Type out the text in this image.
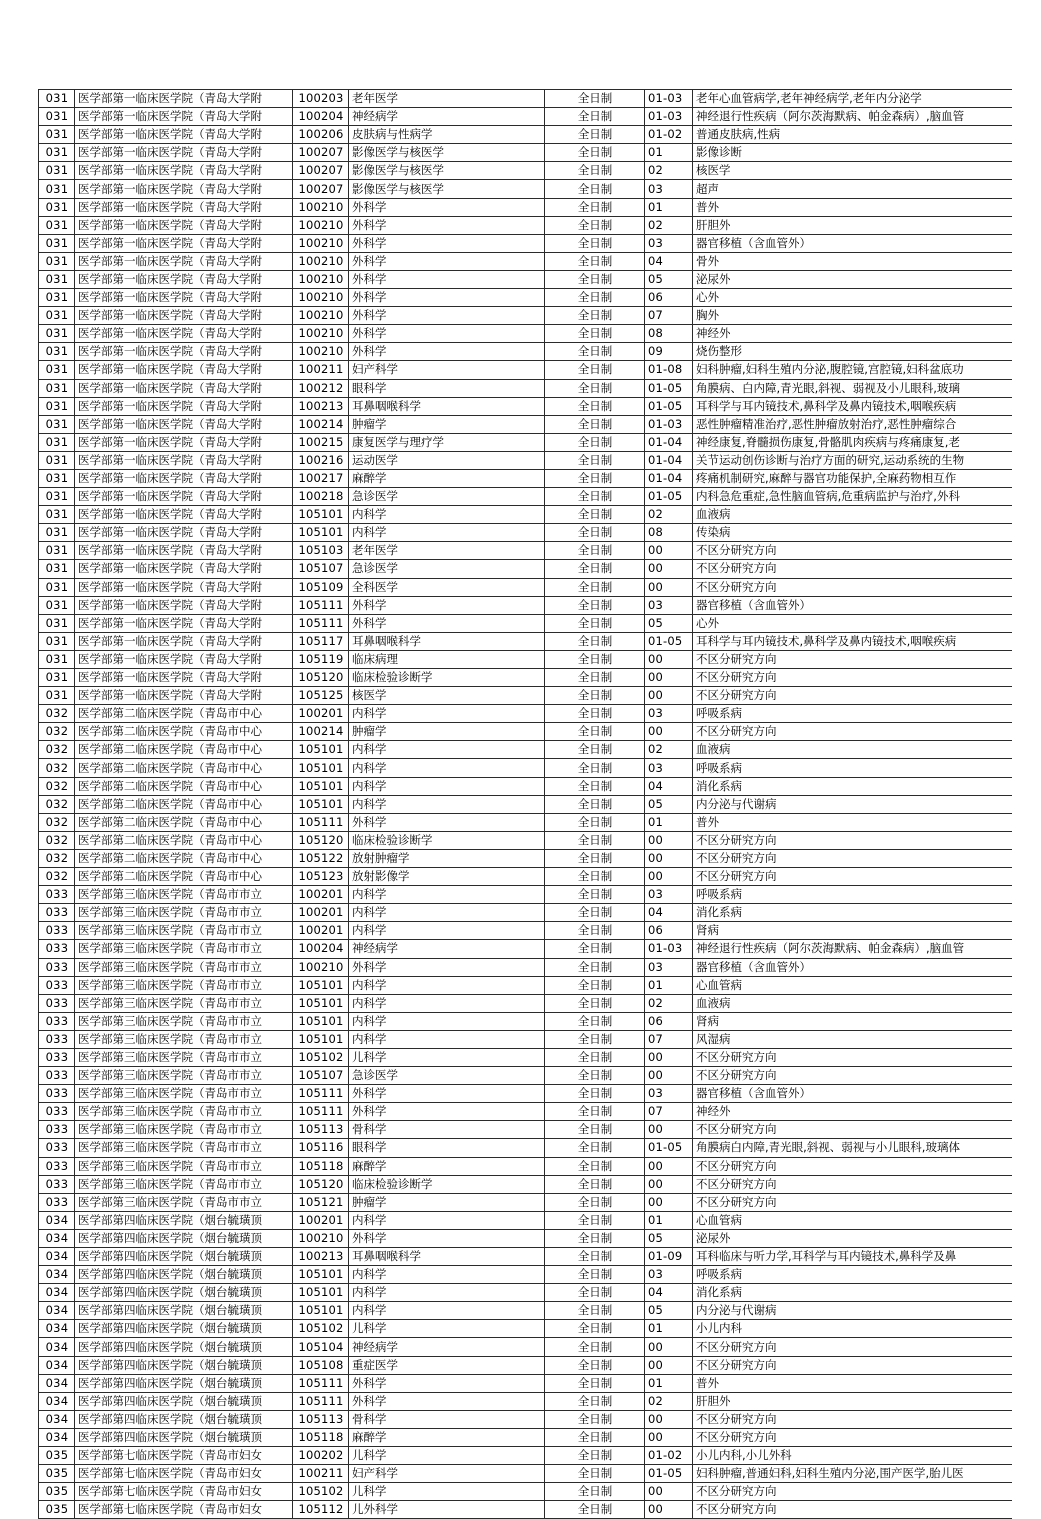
031	医学部第一临床医学院（青岛大学附	100203	老年医学	全日制	01-03	老年心血管病学,老年神经病学,老年内分泌学
031	医学部第一临床医学院（青岛大学附	100204	神经病学	全日制	01-03	神经退行性疾病（阿尔茨海默病、帕金森病）,脑血管
031	医学部第一临床医学院（青岛大学附	100206	皮肤病与性病学	全日制	01-02	普通皮肤病,性病
031	医学部第一临床医学院（青岛大学附	100207	影像医学与核医学	全日制	01	影像诊断
031	医学部第一临床医学院（青岛大学附	100207	影像医学与核医学	全日制	02	核医学
031	医学部第一临床医学院（青岛大学附	100207	影像医学与核医学	全日制	03	超声
031	医学部第一临床医学院（青岛大学附	100210	外科学	全日制	01	普外
031	医学部第一临床医学院（青岛大学附	100210	外科学	全日制	02	肝胆外
031	医学部第一临床医学院（青岛大学附	100210	外科学	全日制	03	器官移植（含血管外）
031	医学部第一临床医学院（青岛大学附	100210	外科学	全日制	04	骨外
031	医学部第一临床医学院（青岛大学附	100210	外科学	全日制	05	泌尿外
031	医学部第一临床医学院（青岛大学附	100210	外科学	全日制	06	心外
031	医学部第一临床医学院（青岛大学附	100210	外科学	全日制	07	胸外
031	医学部第一临床医学院（青岛大学附	100210	外科学	全日制	08	神经外
031	医学部第一临床医学院（青岛大学附	100210	外科学	全日制	09	烧伤整形
031	医学部第一临床医学院（青岛大学附	100211	妇产科学	全日制	01-08	妇科肿瘤,妇科生殖内分泌,腹腔镜,宫腔镜,妇科盆底功
031	医学部第一临床医学院（青岛大学附	100212	眼科学	全日制	01-05	角膜病、白内障,青光眼,斜视、弱视及小儿眼科,玻璃
031	医学部第一临床医学院（青岛大学附	100213	耳鼻咽喉科学	全日制	01-05	耳科学与耳内镜技术,鼻科学及鼻内镜技术,咽喉疾病
031	医学部第一临床医学院（青岛大学附	100214	肿瘤学	全日制	01-03	恶性肿瘤精准治疗,恶性肿瘤放射治疗,恶性肿瘤综合
031	医学部第一临床医学院（青岛大学附	100215	康复医学与理疗学	全日制	01-04	神经康复,脊髓损伤康复,骨骼肌肉疾病与疼痛康复,老
031	医学部第一临床医学院（青岛大学附	100216	运动医学	全日制	01-04	关节运动创伤诊断与治疗方面的研究,运动系统的生物
031	医学部第一临床医学院（青岛大学附	100217	麻醉学	全日制	01-04	疼痛机制研究,麻醉与器官功能保护,全麻药物相互作
031	医学部第一临床医学院（青岛大学附	100218	急诊医学	全日制	01-05	内科急危重症,急性脑血管病,危重病监护与治疗,外科
031	医学部第一临床医学院（青岛大学附	105101	内科学	全日制	02	血液病
031	医学部第一临床医学院（青岛大学附	105101	内科学	全日制	08	传染病
031	医学部第一临床医学院（青岛大学附	105103	老年医学	全日制	00	不区分研究方向
031	医学部第一临床医学院（青岛大学附	105107	急诊医学	全日制	00	不区分研究方向
031	医学部第一临床医学院（青岛大学附	105109	全科医学	全日制	00	不区分研究方向
031	医学部第一临床医学院（青岛大学附	105111	外科学	全日制	03	器官移植（含血管外）
031	医学部第一临床医学院（青岛大学附	105111	外科学	全日制	05	心外
031	医学部第一临床医学院（青岛大学附	105117	耳鼻咽喉科学	全日制	01-05	耳科学与耳内镜技术,鼻科学及鼻内镜技术,咽喉疾病
031	医学部第一临床医学院（青岛大学附	105119	临床病理	全日制	00	不区分研究方向
031	医学部第一临床医学院（青岛大学附	105120	临床检验诊断学	全日制	00	不区分研究方向
031	医学部第一临床医学院（青岛大学附	105125	核医学	全日制	00	不区分研究方向
032	医学部第二临床医学院（青岛市中心	100201	内科学	全日制	03	呼吸系病
032	医学部第二临床医学院（青岛市中心	100214	肿瘤学	全日制	00	不区分研究方向
032	医学部第二临床医学院（青岛市中心	105101	内科学	全日制	02	血液病
032	医学部第二临床医学院（青岛市中心	105101	内科学	全日制	03	呼吸系病
032	医学部第二临床医学院（青岛市中心	105101	内科学	全日制	04	消化系病
032	医学部第二临床医学院（青岛市中心	105101	内科学	全日制	05	内分泌与代谢病
032	医学部第二临床医学院（青岛市中心	105111	外科学	全日制	01	普外
032	医学部第二临床医学院（青岛市中心	105120	临床检验诊断学	全日制	00	不区分研究方向
032	医学部第二临床医学院（青岛市中心	105122	放射肿瘤学	全日制	00	不区分研究方向
032	医学部第二临床医学院（青岛市中心	105123	放射影像学	全日制	00	不区分研究方向
033	医学部第三临床医学院（青岛市市立	100201	内科学	全日制	03	呼吸系病
033	医学部第三临床医学院（青岛市市立	100201	内科学	全日制	04	消化系病
033	医学部第三临床医学院（青岛市市立	100201	内科学	全日制	06	肾病
033	医学部第三临床医学院（青岛市市立	100204	神经病学	全日制	01-03	神经退行性疾病（阿尔茨海默病、帕金森病）,脑血管
033	医学部第三临床医学院（青岛市市立	100210	外科学	全日制	03	器官移植（含血管外）
033	医学部第三临床医学院（青岛市市立	105101	内科学	全日制	01	心血管病
033	医学部第三临床医学院（青岛市市立	105101	内科学	全日制	02	血液病
033	医学部第三临床医学院（青岛市市立	105101	内科学	全日制	06	肾病
033	医学部第三临床医学院（青岛市市立	105101	内科学	全日制	07	风湿病
033	医学部第三临床医学院（青岛市市立	105102	儿科学	全日制	00	不区分研究方向
033	医学部第三临床医学院（青岛市市立	105107	急诊医学	全日制	00	不区分研究方向
033	医学部第三临床医学院（青岛市市立	105111	外科学	全日制	03	器官移植（含血管外）
033	医学部第三临床医学院（青岛市市立	105111	外科学	全日制	07	神经外
033	医学部第三临床医学院（青岛市市立	105113	骨科学	全日制	00	不区分研究方向
033	医学部第三临床医学院（青岛市市立	105116	眼科学	全日制	01-05	角膜病白内障,青光眼,斜视、弱视与小儿眼科,玻璃体
033	医学部第三临床医学院（青岛市市立	105118	麻醉学	全日制	00	不区分研究方向
033	医学部第三临床医学院（青岛市市立	105120	临床检验诊断学	全日制	00	不区分研究方向
033	医学部第三临床医学院（青岛市市立	105121	肿瘤学	全日制	00	不区分研究方向
034	医学部第四临床医学院（烟台毓璜顶	100201	内科学	全日制	01	心血管病
034	医学部第四临床医学院（烟台毓璜顶	100210	外科学	全日制	05	泌尿外
034	医学部第四临床医学院（烟台毓璜顶	100213	耳鼻咽喉科学	全日制	01-09	耳科临床与听力学,耳科学与耳内镜技术,鼻科学及鼻
034	医学部第四临床医学院（烟台毓璜顶	105101	内科学	全日制	03	呼吸系病
034	医学部第四临床医学院（烟台毓璜顶	105101	内科学	全日制	04	消化系病
034	医学部第四临床医学院（烟台毓璜顶	105101	内科学	全日制	05	内分泌与代谢病
034	医学部第四临床医学院（烟台毓璜顶	105102	儿科学	全日制	01	小儿内科
034	医学部第四临床医学院（烟台毓璜顶	105104	神经病学	全日制	00	不区分研究方向
034	医学部第四临床医学院（烟台毓璜顶	105108	重症医学	全日制	00	不区分研究方向
034	医学部第四临床医学院（烟台毓璜顶	105111	外科学	全日制	01	普外
034	医学部第四临床医学院（烟台毓璜顶	105111	外科学	全日制	02	肝胆外
034	医学部第四临床医学院（烟台毓璜顶	105113	骨科学	全日制	00	不区分研究方向
034	医学部第四临床医学院（烟台毓璜顶	105118	麻醉学	全日制	00	不区分研究方向
035	医学部第七临床医学院（青岛市妇女	100202	儿科学	全日制	01-02	小儿内科,小儿外科
035	医学部第七临床医学院（青岛市妇女	100211	妇产科学	全日制	01-05	妇科肿瘤,普通妇科,妇科生殖内分泌,围产医学,胎儿医
035	医学部第七临床医学院（青岛市妇女	105102	儿科学	全日制	00	不区分研究方向
035	医学部第七临床医学院（青岛市妇女	105112	儿外科学	全日制	00	不区分研究方向
